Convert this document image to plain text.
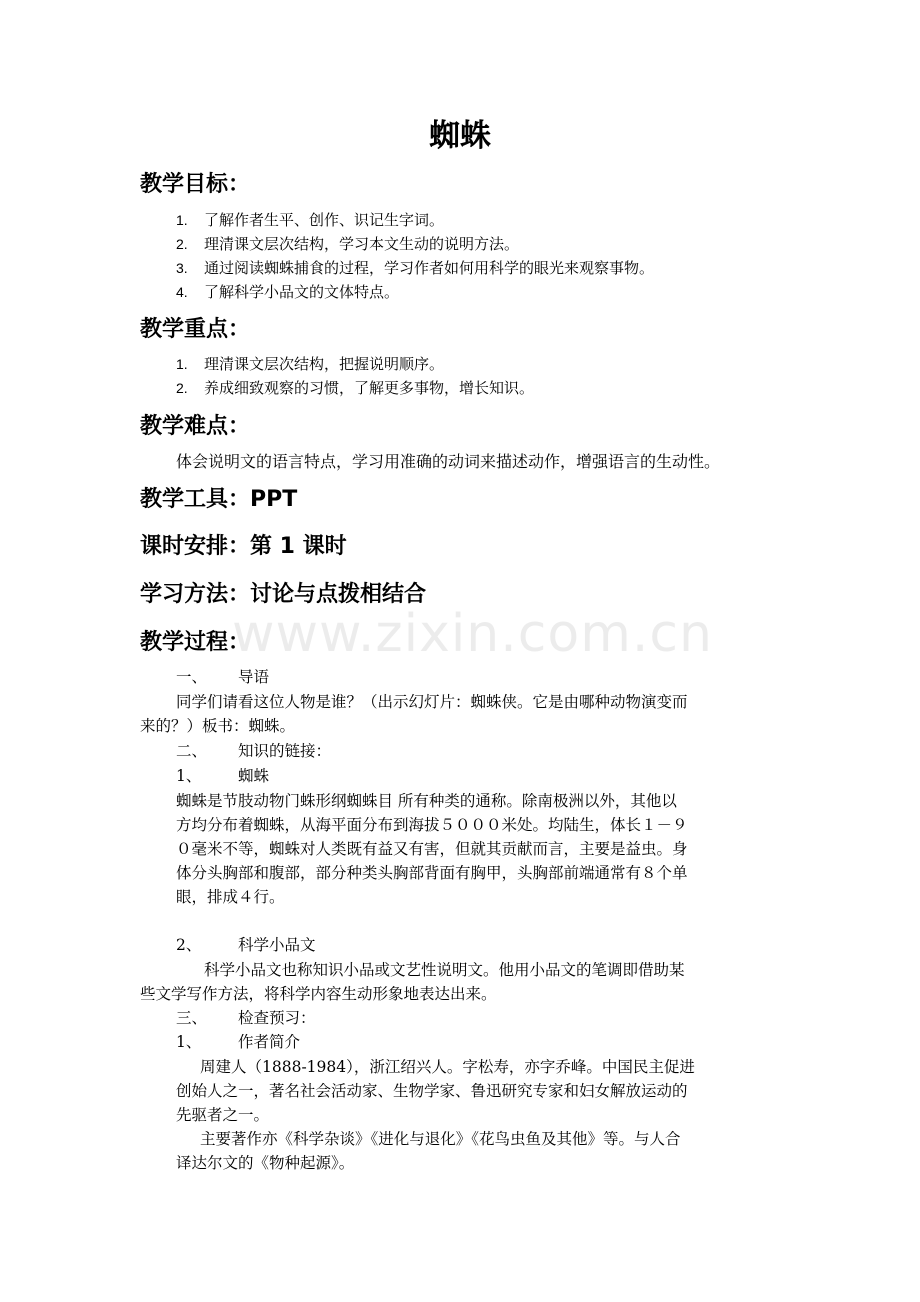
蜘蛛
教学目标：
1. 了解作者生平、创作、识记生字词。
2. 理清课文层次结构，学习本文生动的说明方法。
3. 通过阅读蜘蛛捕食的过程，学习作者如何用科学的眼光来观察事物。
4. 了解科学小品文的文体特点。
教学重点：
1. 理清课文层次结构，把握说明顺序。
2. 养成细致观察的习惯，了解更多事物，增长知识。
教学难点：
体会说明文的语言特点，学习用准确的动词来描述动作，增强语言的生动性。
教学工具：PPT
课时安排：第 1 课时
学习方法：讨论与点拨相结合
教学过程：
www.zixin.com.cn
一、 导语
同学们请看这位人物是谁？（出示幻灯片：蜘蛛侠。它是由哪种动物演变而
来的？）板书：蜘蛛。
二、 知识的链接：
1、 蜘蛛
蜘蛛是节肢动物门蛛形纲蜘蛛目 所有种类的通称。除南极洲以外，其他以
方均分布着蜘蛛，从海平面分布到海拔５０００米处。均陆生，体长１－９
０毫米不等，蜘蛛对人类既有益又有害，但就其贡献而言，主要是益虫。身
体分头胸部和腹部，部分种类头胸部背面有胸甲，头胸部前端通常有８个单
眼，排成４行。
2、 科学小品文
科学小品文也称知识小品或文艺性说明文。他用小品文的笔调即借助某
些文学写作方法，将科学内容生动形象地表达出来。
三、 检查预习：
1、 作者简介
周建人（1888-1984），浙江绍兴人。字松寿，亦字乔峰。中国民主促进
创始人之一，著名社会活动家、生物学家、鲁迅研究专家和妇女解放运动的
先驱者之一。
主要著作亦《科学杂谈》《进化与退化》《花鸟虫鱼及其他》等。与人合
译达尔文的《物种起源》。
